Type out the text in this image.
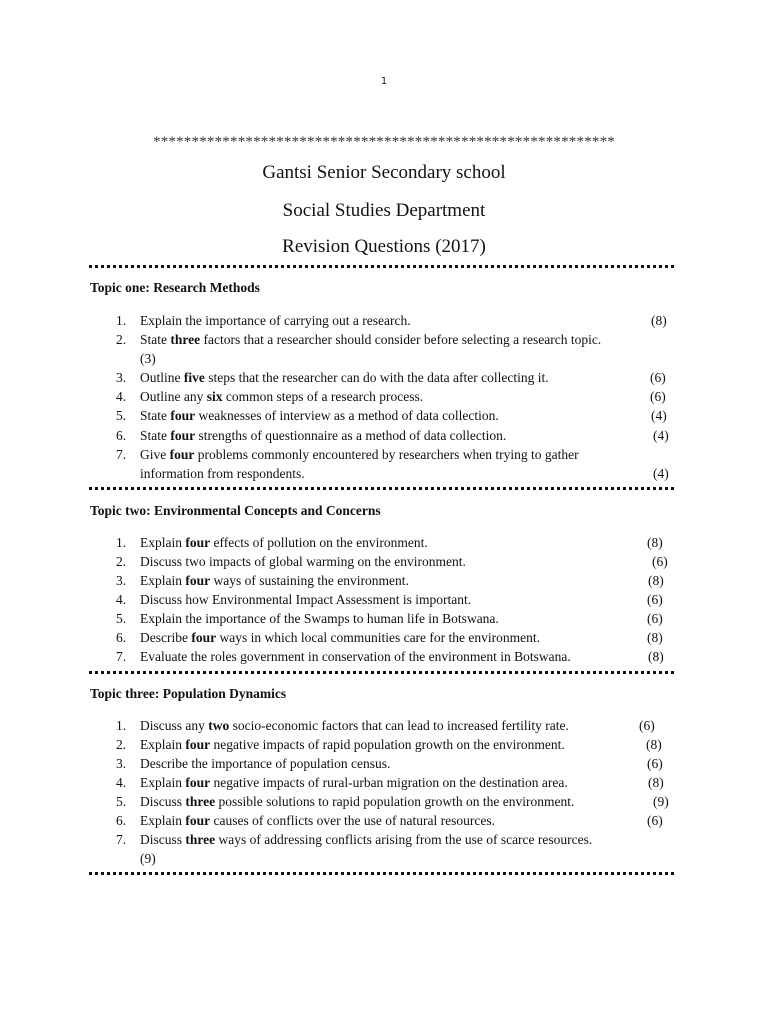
1
************************************************************
Gantsi Senior Secondary school
Social Studies Department
Revision Questions (2017)
Topic one: Research Methods
1.	Explain the importance of carrying out a research.	(8)
2.	State three factors that a researcher should consider before selecting a research topic.
(3)
3.	Outline five steps that the researcher can do with the data after collecting it.	(6)
4.	Outline any six common steps of a research process.	(6)
5.	State four weaknesses of interview as a method of data collection.	(4)
6.	State four strengths of questionnaire as a method of data collection.	(4)
7.	Give four problems commonly encountered by researchers when trying to gather
information from respondents.	(4)
Topic two: Environmental Concepts and Concerns
1.	Explain four effects of pollution on the environment.	(8)
2.	Discuss two impacts of global warming on the environment.	(6)
3.	Explain four ways of sustaining the environment.	(8)
4.	Discuss how Environmental Impact Assessment is important.	(6)
5.	Explain the importance of the Swamps to human life in Botswana.	(6)
6.	Describe four ways in which local communities care for the environment.	(8)
7.	Evaluate the roles government in conservation of the environment in Botswana.	(8)
Topic three: Population Dynamics
1.	Discuss any two socio-economic factors that can lead to increased fertility rate.	(6)
2.	Explain four negative impacts of rapid population growth on the environment.	(8)
3.	Describe the importance of population census.	(6)
4.	Explain four negative impacts of rural-urban migration on the destination area.	(8)
5.	Discuss three possible solutions to rapid population growth on the environment.	(9)
6.	Explain four causes of conflicts over the use of natural resources.	(6)
7.	Discuss three ways of addressing conflicts arising from the use of scarce resources.
(9)
